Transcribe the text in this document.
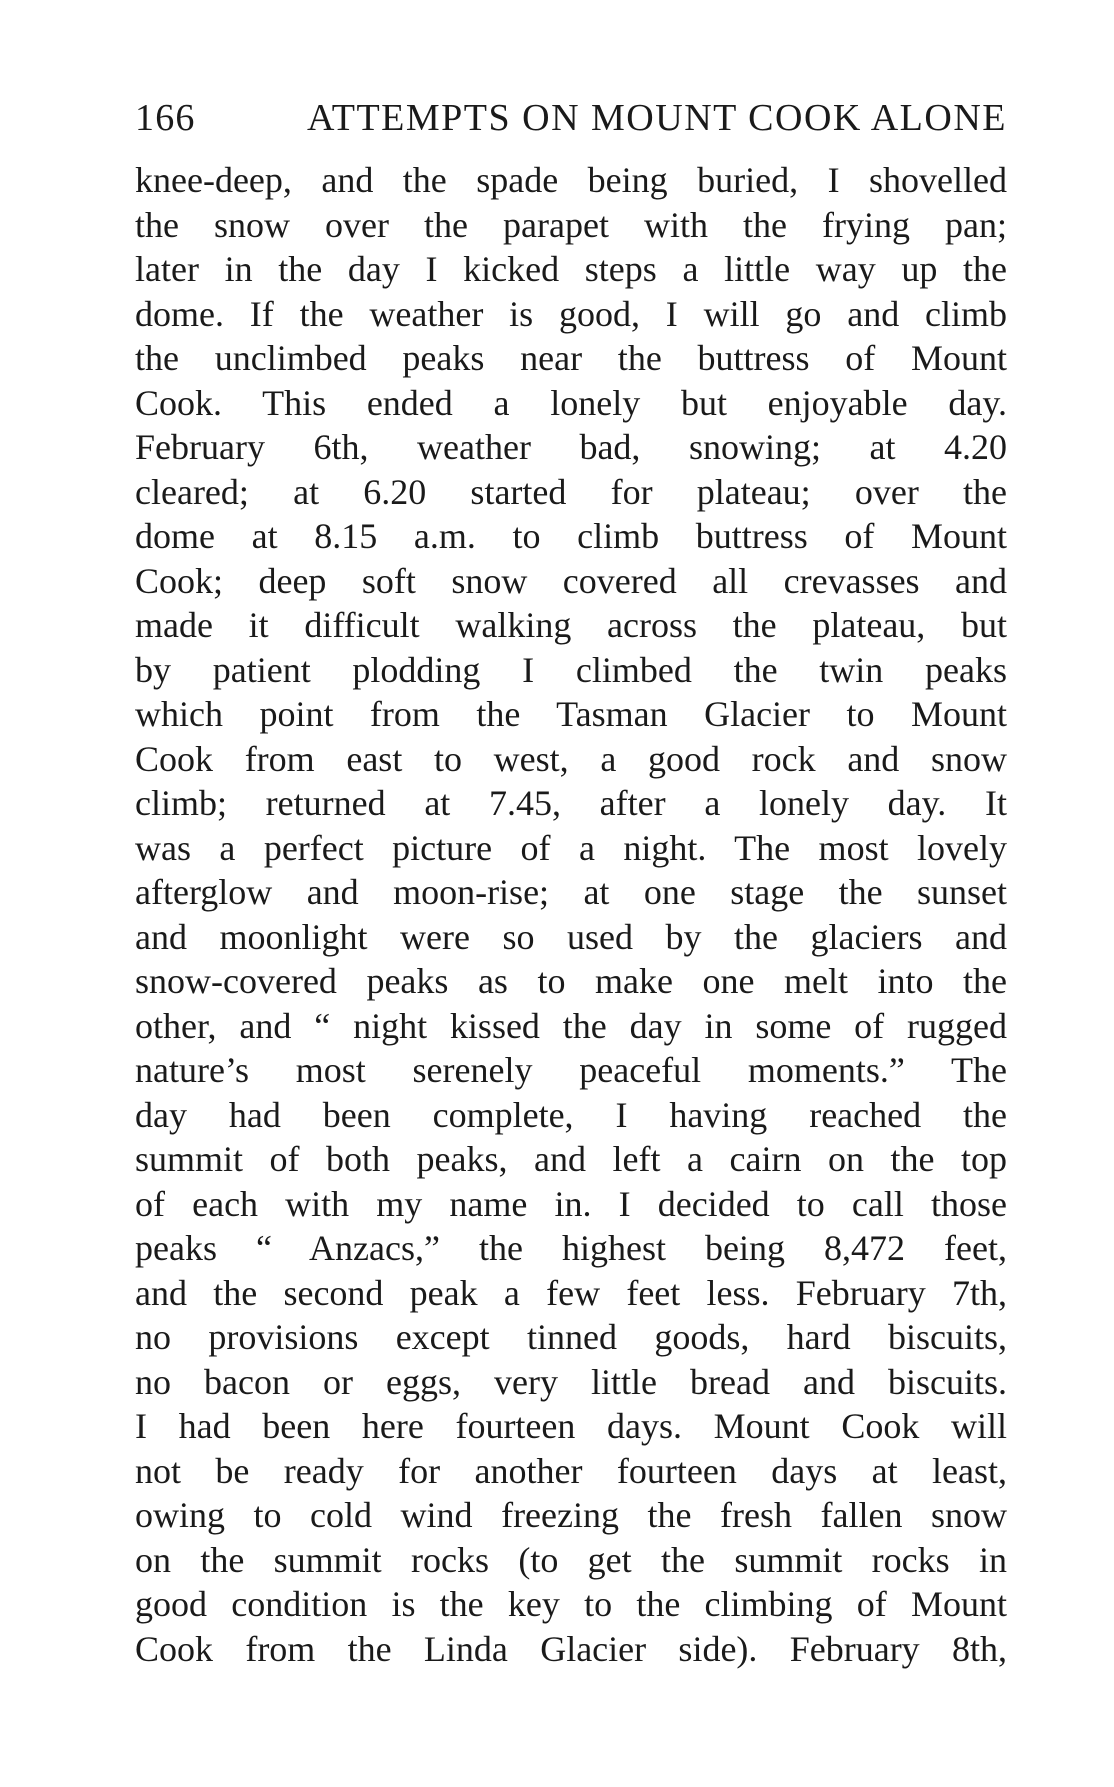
166	ATTEMPTS ON MOUNT COOK ALONE
knee-deep, and the spade being buried, I shovelled
the snow over the parapet with the frying pan;
later in the day I kicked steps a little way up the
dome. If the weather is good, I will go and climb
the unclimbed peaks near the buttress of Mount
Cook. This ended a lonely but enjoyable day.
February 6th, weather bad, snowing; at 4.20
cleared; at 6.20 started for plateau; over the
dome at 8.15 a.m. to climb buttress of Mount
Cook; deep soft snow covered all crevasses and
made it difficult walking across the plateau, but
by patient plodding I climbed the twin peaks
which point from the Tasman Glacier to Mount
Cook from east to west, a good rock and snow
climb; returned at 7.45, after a lonely day. It
was a perfect picture of a night. The most lovely
afterglow and moon-rise; at one stage the sunset
and moonlight were so used by the glaciers and
snow-covered peaks as to make one melt into the
other, and “ night kissed the day in some of rugged
nature’s most serenely peaceful moments.” The
day had been complete, I having reached the
summit of both peaks, and left a cairn on the top
of each with my name in. I decided to call those
peaks “ Anzacs,” the highest being 8,472 feet,
and the second peak a few feet less. February 7th,
no provisions except tinned goods, hard biscuits,
no bacon or eggs, very little bread and biscuits.
I had been here fourteen days. Mount Cook will
not be ready for another fourteen days at least,
owing to cold wind freezing the fresh fallen snow
on the summit rocks (to get the summit rocks in
good condition is the key to the climbing of Mount
Cook from the Linda Glacier side). February 8th,
